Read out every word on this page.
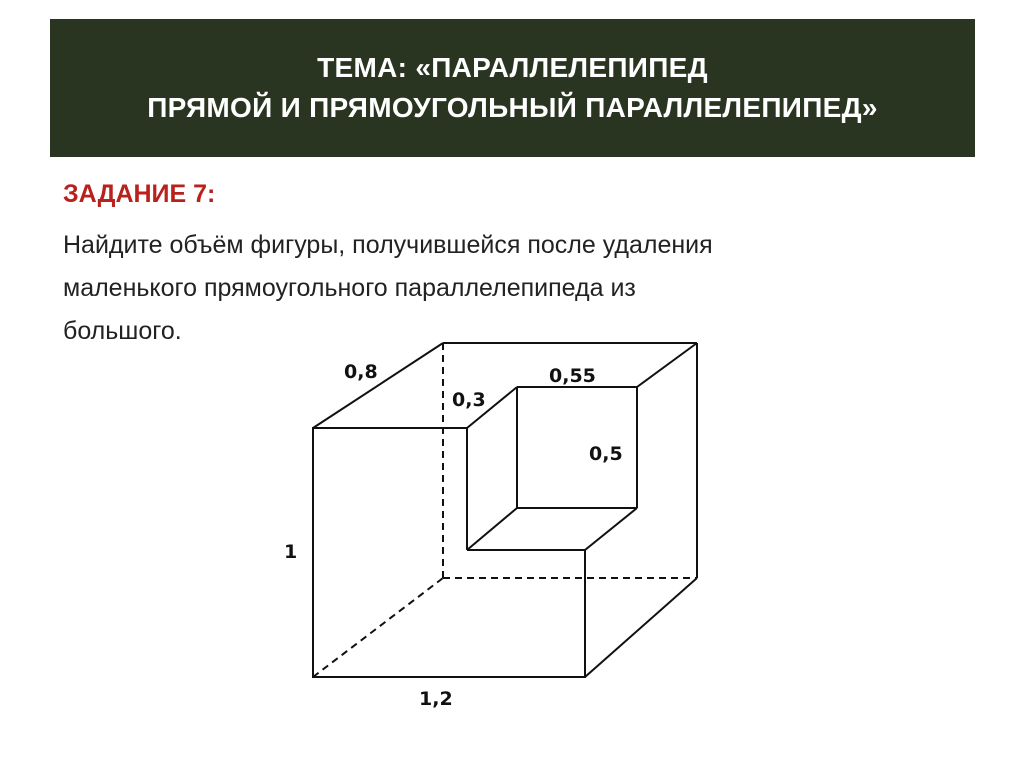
ТЕМА: «ПАРАЛЛЕЛЕПИПЕД
ПРЯМОЙ И ПРЯМОУГОЛЬНЫЙ ПАРАЛЛЕЛЕПИПЕД»
ЗАДАНИЕ 7:
Найдите объём фигуры, получившейся после удаления
маленького прямоугольного параллелепипеда из
большого.
0,8
0,3
0,55
0,5
1
1,2
